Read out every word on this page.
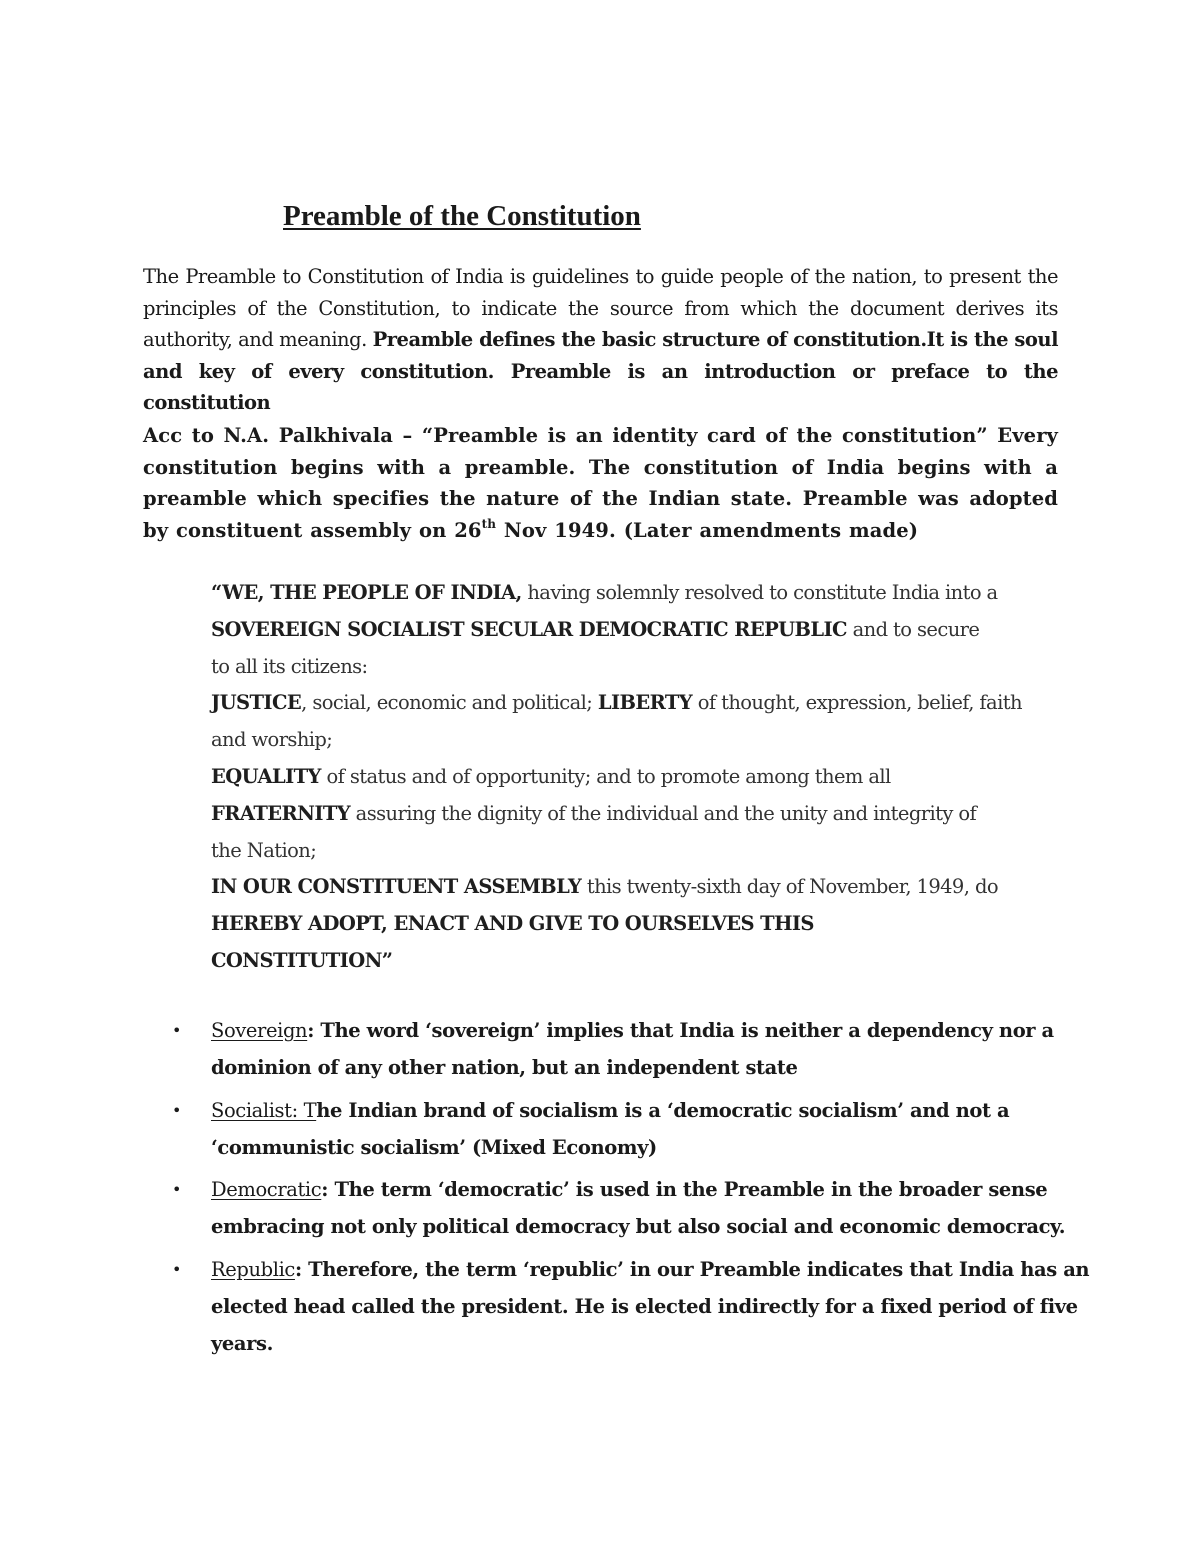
Preamble of the Constitution

The Preamble to Constitution of India is guidelines to guide people of the nation, to present the principles of the Constitution, to indicate the source from which the document derives its authority, and meaning. Preamble defines the basic structure of constitution.It is the soul and key of every constitution. Preamble is an introduction or preface to the constitution

Acc to N.A. Palkhivala – “Preamble is an identity card of the constitution” Every constitution begins with a preamble. The constitution of India begins with a preamble which specifies the nature of the Indian state. Preamble was adopted by constituent assembly on 26th Nov 1949. (Later amendments made)

“WE, THE PEOPLE OF INDIA, having solemnly resolved to constitute India into a
SOVEREIGN SOCIALIST SECULAR DEMOCRATIC REPUBLIC and to secure
to all its citizens:
JUSTICE, social, economic and political; LIBERTY of thought, expression, belief, faith
and worship;
EQUALITY of status and of opportunity; and to promote among them all
FRATERNITY assuring the dignity of the individual and the unity and integrity of
the Nation;
IN OUR CONSTITUENT ASSEMBLY this twenty-sixth day of November, 1949, do
HEREBY ADOPT, ENACT AND GIVE TO OURSELVES THIS
CONSTITUTION”
• Sovereign: The word ‘sovereign’ implies that India is neither a dependency nor a
dominion of any other nation, but an independent state
• Socialist: The Indian brand of socialism is a ‘democratic socialism’ and not a
‘communistic socialism’ (Mixed Economy)
• Democratic: The term ‘democratic’ is used in the Preamble in the broader sense
embracing not only political democracy but also social and economic democracy.
• Republic: Therefore, the term ‘republic’ in our Preamble indicates that India has an
elected head called the president. He is elected indirectly for a fixed period of five
years.
